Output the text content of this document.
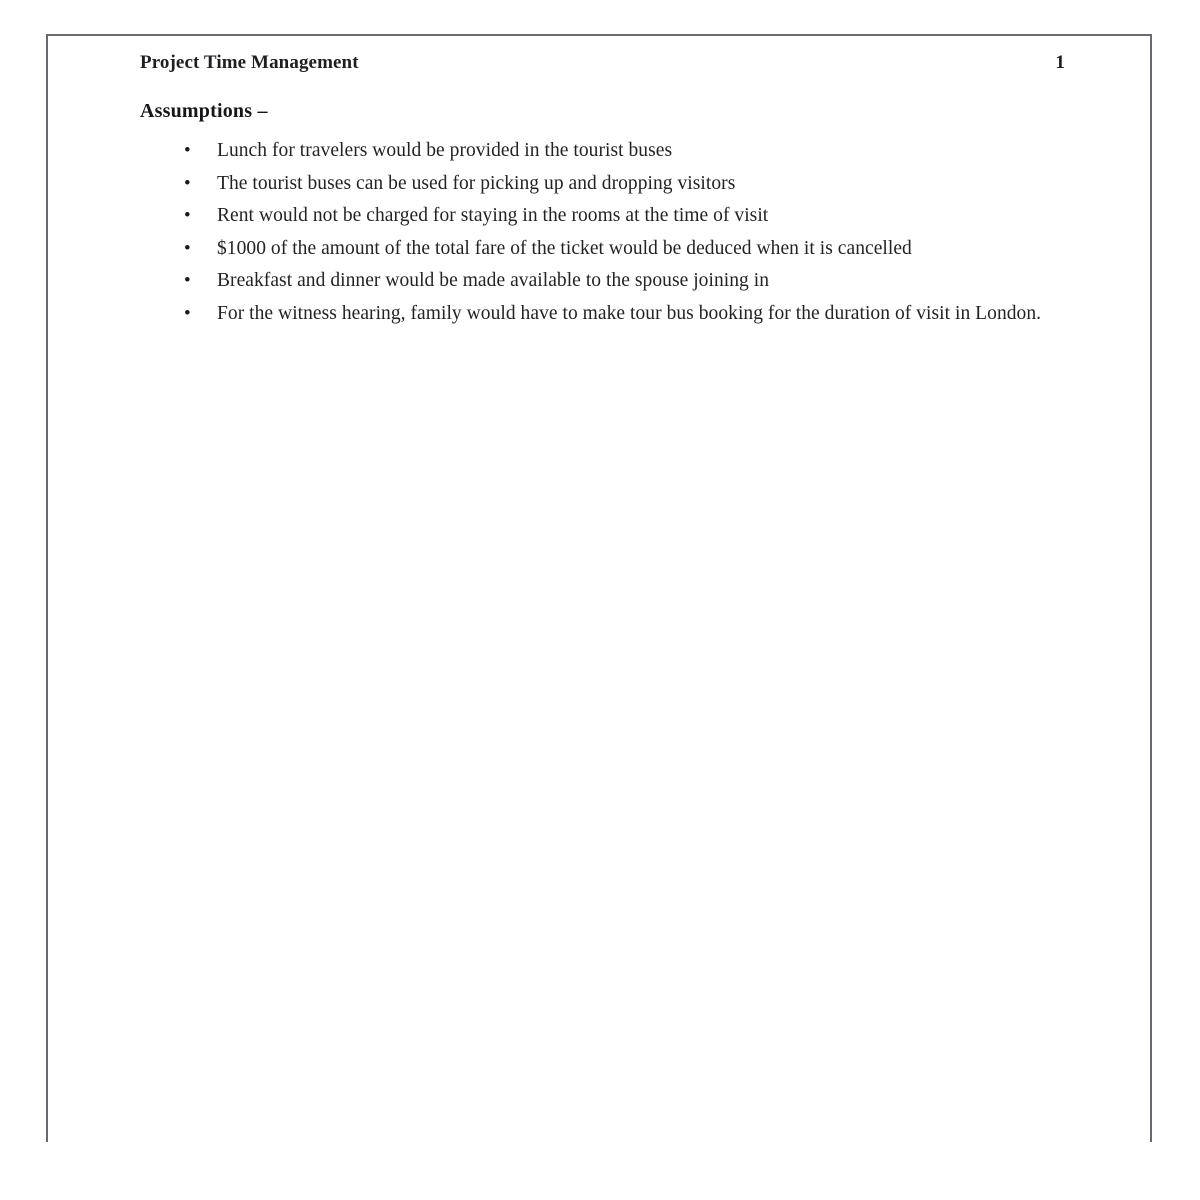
Project Time Management	1

Assumptions –

• Lunch for travelers would be provided in the tourist buses
• The tourist buses can be used for picking up and dropping visitors
• Rent would not be charged for staying in the rooms at the time of visit
• $1000 of the amount of the total fare of the ticket would be deduced when it is cancelled
• Breakfast and dinner would be made available to the spouse joining in
• For the witness hearing, family would have to make tour bus booking for the duration of visit in London.
